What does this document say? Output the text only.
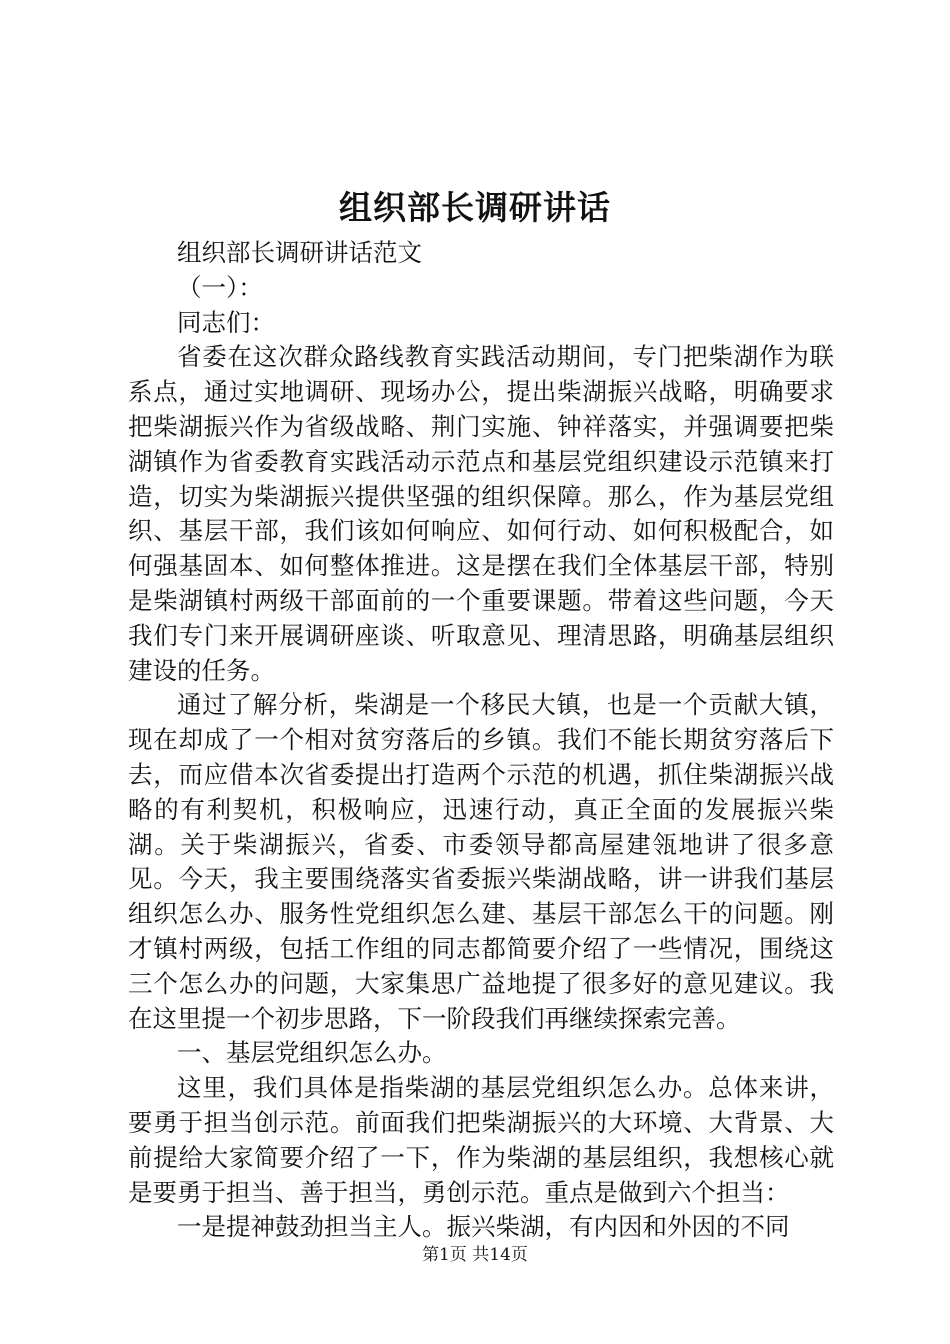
组织部长调研讲话

组织部长调研讲话范文

（一）：

同志们：

省委在这次群众路线教育实践活动期间，专门把柴湖作为联系点，通过实地调研、现场办公，提出柴湖振兴战略，明确要求把柴湖振兴作为省级战略、荆门实施、钟祥落实，并强调要把柴湖镇作为省委教育实践活动示范点和基层党组织建设示范镇来打造，切实为柴湖振兴提供坚强的组织保障。那么，作为基层党组织、基层干部，我们该如何响应、如何行动、如何积极配合，如何强基固本、如何整体推进。这是摆在我们全体基层干部，特别是柴湖镇村两级干部面前的一个重要课题。带着这些问题，今天我们专门来开展调研座谈、听取意见、理清思路，明确基层组织建设的任务。

通过了解分析，柴湖是一个移民大镇，也是一个贡献大镇，现在却成了一个相对贫穷落后的乡镇。我们不能长期贫穷落后下去，而应借本次省委提出打造两个示范的机遇，抓住柴湖振兴战略的有利契机，积极响应，迅速行动，真正全面的发展振兴柴湖。关于柴湖振兴，省委、市委领导都高屋建瓴地讲了很多意见。今天，我主要围绕落实省委振兴柴湖战略，讲一讲我们基层组织怎么办、服务性党组织怎么建、基层干部怎么干的问题。刚才镇村两级，包括工作组的同志都简要介绍了一些情况，围绕这三个怎么办的问题，大家集思广益地提了很多好的意见建议。我在这里提一个初步思路，下一阶段我们再继续探索完善。

一、基层党组织怎么办。

这里，我们具体是指柴湖的基层党组织怎么办。总体来讲，要勇于担当创示范。前面我们把柴湖振兴的大环境、大背景、大前提给大家简要介绍了一下，作为柴湖的基层组织，我想核心就是要勇于担当、善于担当，勇创示范。重点是做到六个担当：

一是提神鼓劲担当主人。振兴柴湖，有内因和外因的不同

第1页 共14页
